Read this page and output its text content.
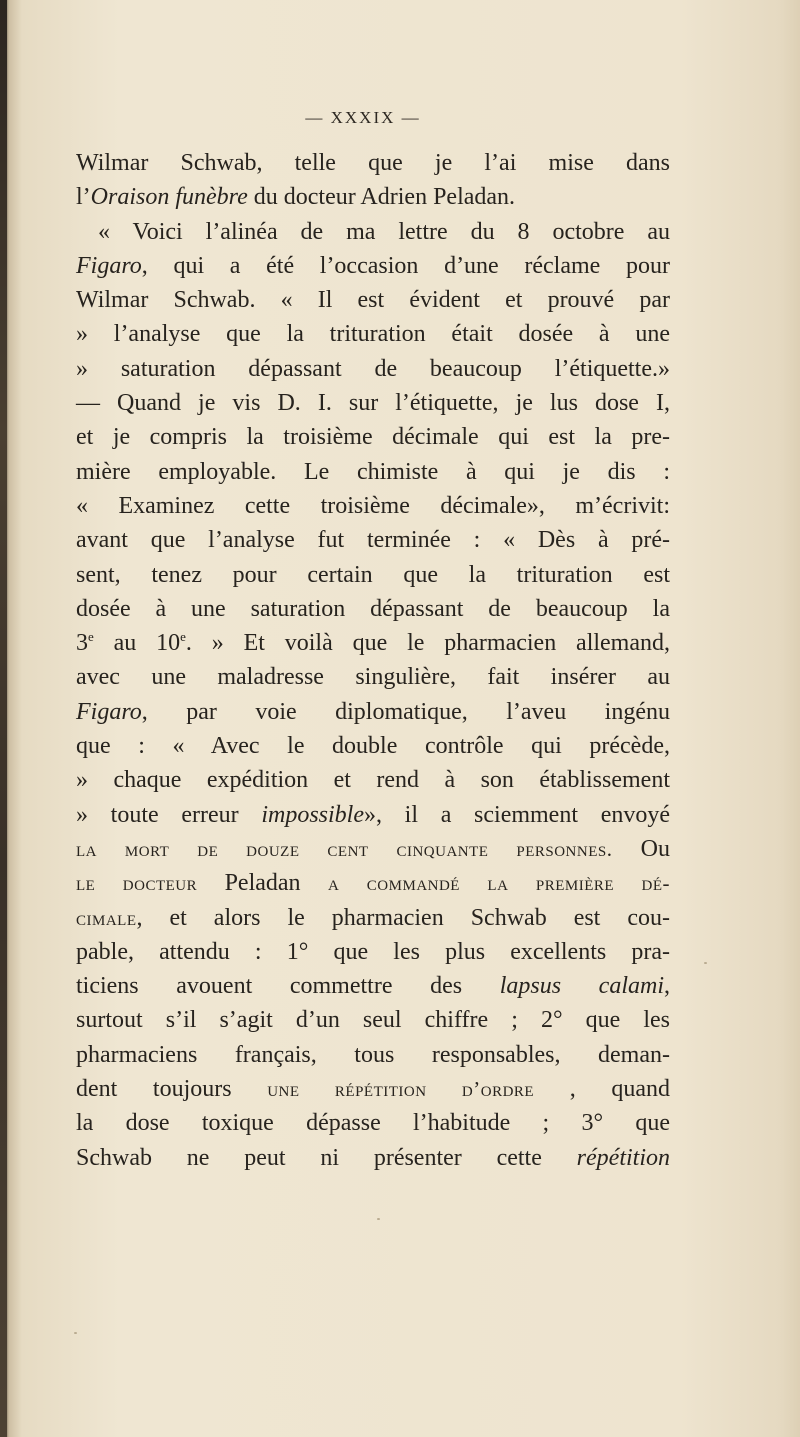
— XXXIX —
Wilmar Schwab, telle que je l’ai mise dans
l’Oraison funèbre du docteur Adrien Peladan.
« Voici l’alinéa de ma lettre du 8 octobre au
Figaro, qui a été l’occasion d’une réclame pour
Wilmar Schwab. « Il est évident et prouvé par
» l’analyse que la trituration était dosée à une
» saturation dépassant de beaucoup l’étiquette.»
— Quand je vis D. I. sur l’étiquette, je lus dose I,
et je compris la troisième décimale qui est la pre-
mière employable. Le chimiste à qui je dis :
« Examinez cette troisième décimale», m’écrivit:
avant que l’analyse fut terminée : « Dès à pré-
sent, tenez pour certain que la trituration est
dosée à une saturation dépassant de beaucoup la
3e au 10e. » Et voilà que le pharmacien allemand,
avec une maladresse singulière, fait insérer au
Figaro, par voie diplomatique, l’aveu ingénu
que : « Avec le double contrôle qui précède,
» chaque expédition et rend à son établissement
» toute erreur impossible», il a sciemment envoyé
la mort de douze cent cinquante personnes. Ou
le docteur Peladan a commandé la première dé-
cimale, et alors le pharmacien Schwab est cou-
pable, attendu : 1° que les plus excellents pra-
ticiens avouent commettre des lapsus calami,
surtout s’il s’agit d’un seul chiffre ; 2° que les
pharmaciens français, tous responsables, deman-
dent toujours une répétition d’ordre , quand
la dose toxique dépasse l’habitude ; 3° que
Schwab ne peut ni présenter cette répétition
